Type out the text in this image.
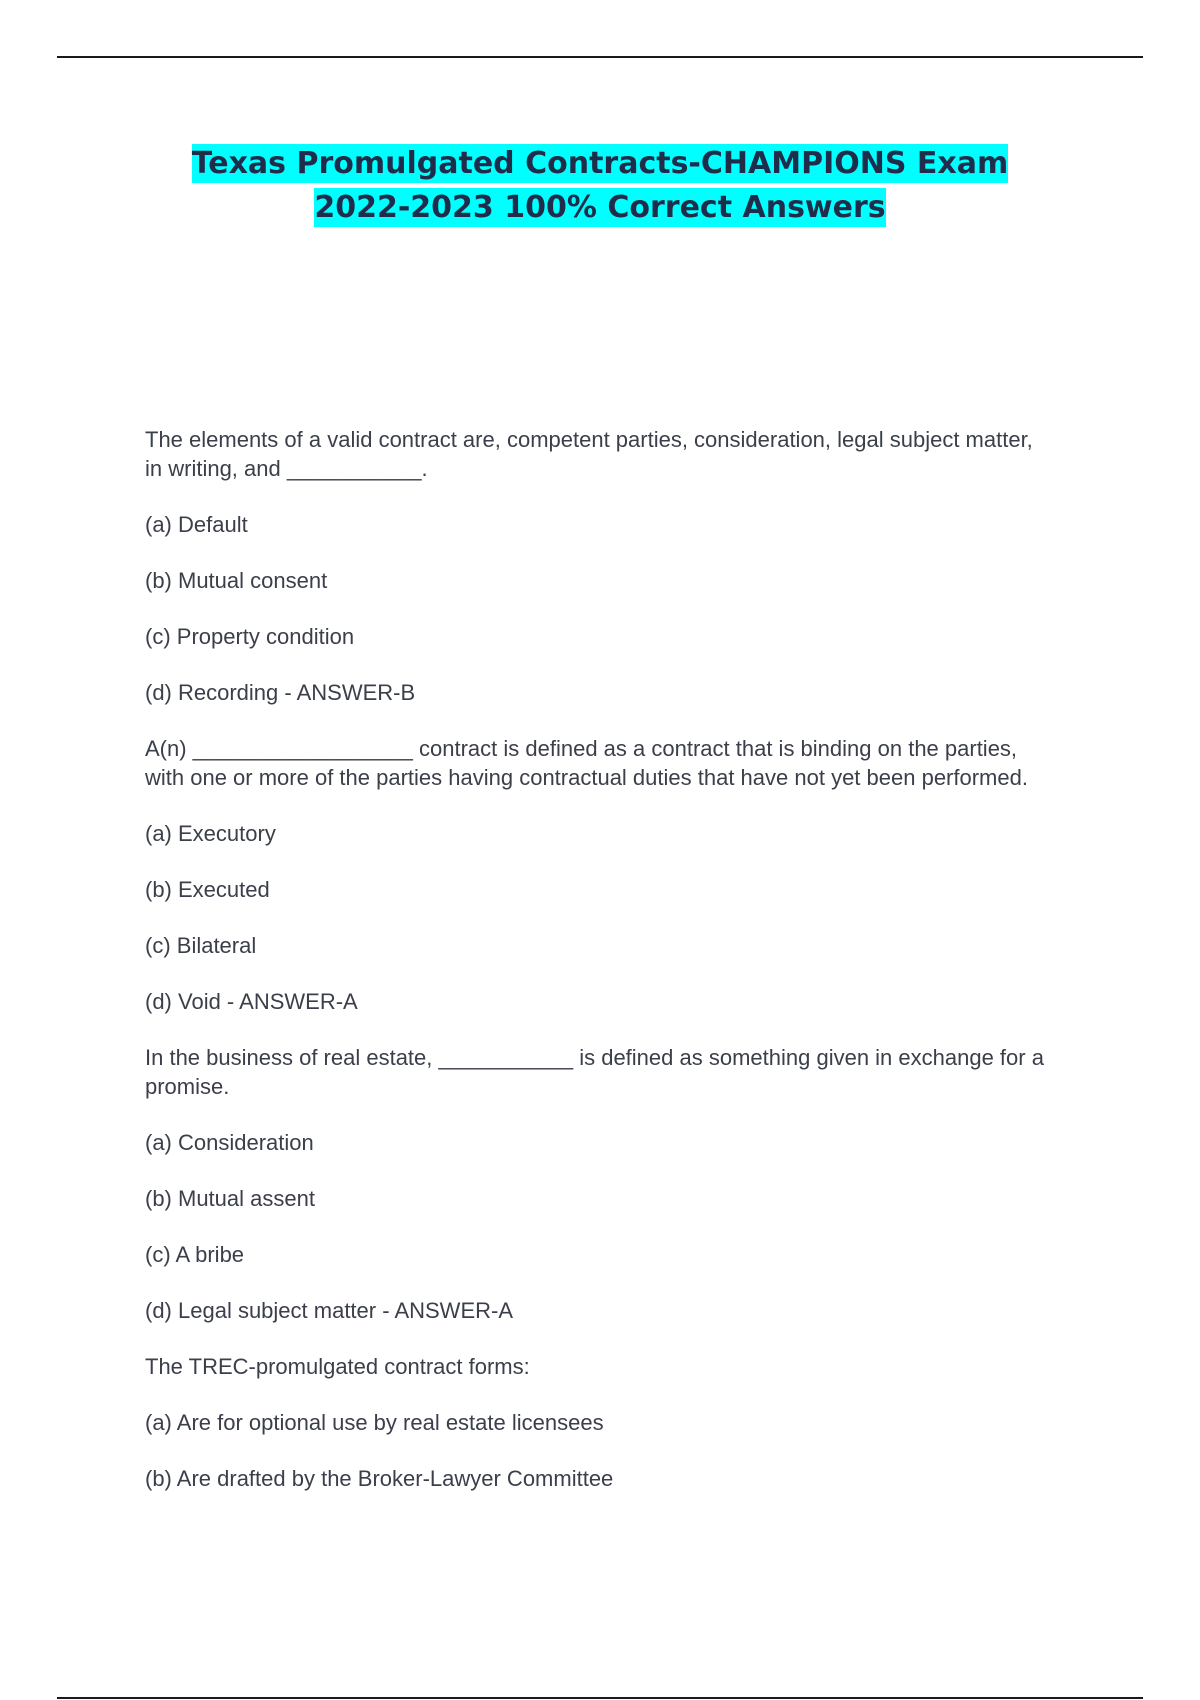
Texas Promulgated Contracts-CHAMPIONS Exam 2022-2023 100% Correct Answers

The elements of a valid contract are, competent parties, consideration, legal subject matter, in writing, and ___________.

(a) Default

(b) Mutual consent

(c) Property condition

(d) Recording - ANSWER-B

A(n) __________________ contract is defined as a contract that is binding on the parties, with one or more of the parties having contractual duties that have not yet been performed.

(a) Executory

(b) Executed

(c) Bilateral

(d) Void - ANSWER-A

In the business of real estate, ___________ is defined as something given in exchange for a promise.

(a) Consideration

(b) Mutual assent

(c) A bribe

(d) Legal subject matter - ANSWER-A

The TREC-promulgated contract forms:

(a) Are for optional use by real estate licensees

(b) Are drafted by the Broker-Lawyer Committee
